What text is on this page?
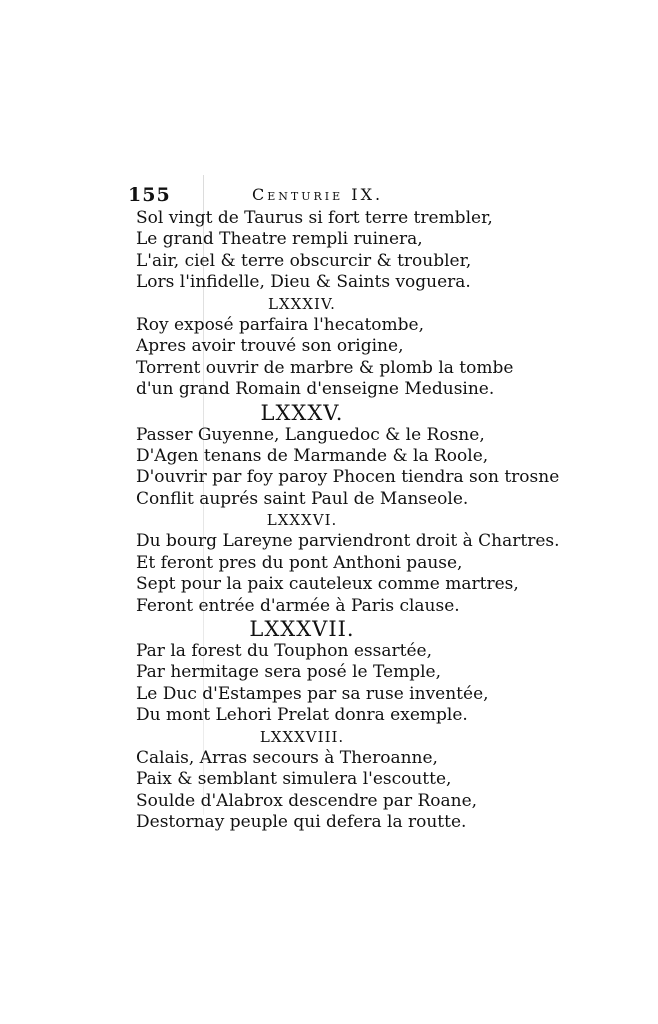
155	Centurie IX.
Sol vingt de Taurus si fort terre trembler,
Le grand Theatre rempli ruinera,
L'air, ciel & terre obscurcir & troubler,
Lors l'infidelle, Dieu & Saints voguera.
LXXXIV.
Roy exposé parfaira l'hecatombe,
Apres avoir trouvé son origine,
Torrent ouvrir de marbre & plomb la tombe
d'un grand Romain d'enseigne Medusine.
LXXXV.
Passer Guyenne, Languedoc & le Rosne,
D'Agen tenans de Marmande & la Roole,
D'ouvrir par foy paroy Phocen tiendra son trosne
Conflit auprés saint Paul de Manseole.
LXXXVI.
Du bourg Lareyne parviendront droit à Chartres.
Et feront pres du pont Anthoni pause,
Sept pour la paix cauteleux comme martres,
Feront entrée d'armée à Paris clause.
LXXXVII.
Par la forest du Touphon essartée,
Par hermitage sera posé le Temple,
Le Duc d'Estampes par sa ruse inventée,
Du mont Lehori Prelat donra exemple.
LXXXVIII.
Calais, Arras secours à Theroanne,
Paix & semblant simulera l'escoutte,
Soulde d'Alabrox descendre par Roane,
Destornay peuple qui defera la routte.
